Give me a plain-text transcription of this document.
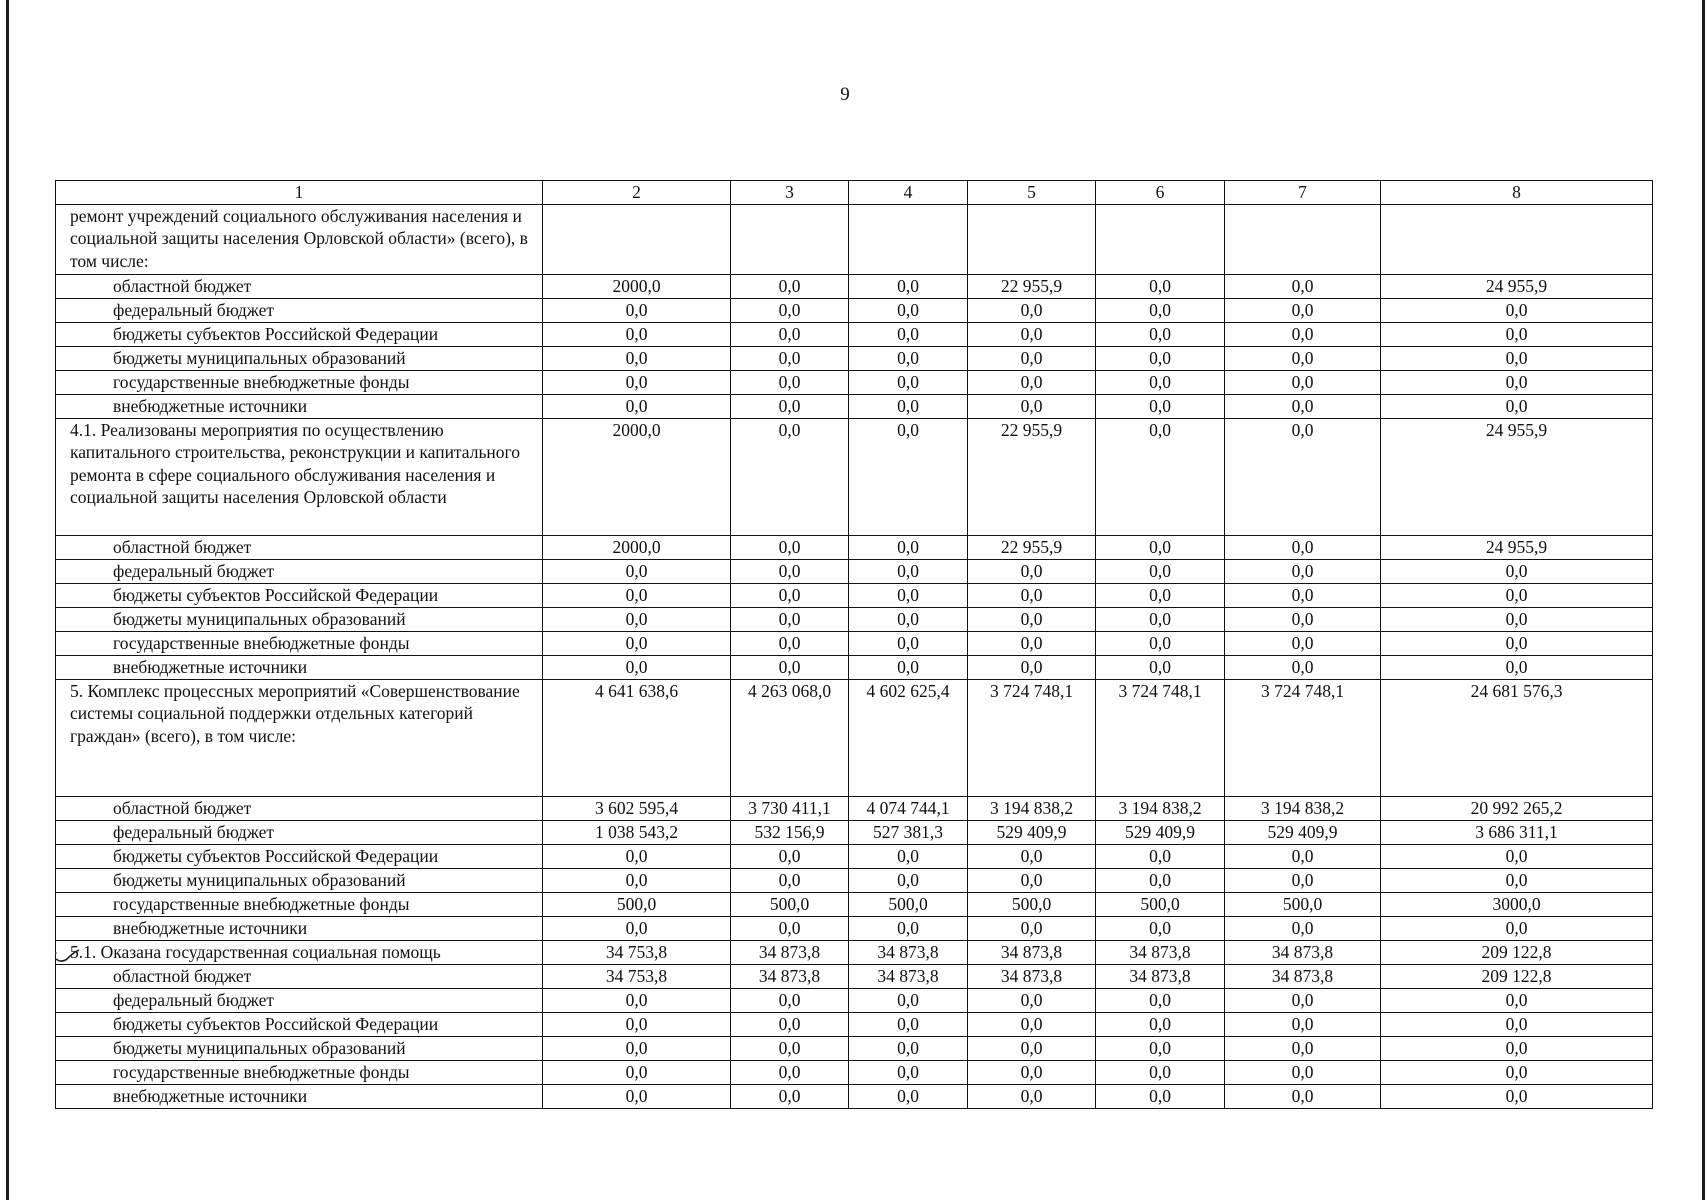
9
1	2	3	4	5	6	7	8
ремонт учреждений социального обслуживания населения и социальной защиты населения Орловской области» (всего), в том числе:							
областной бюджет	2000,0	0,0	0,0	22 955,9	0,0	0,0	24 955,9
федеральный бюджет	0,0	0,0	0,0	0,0	0,0	0,0	0,0
бюджеты субъектов Российской Федерации	0,0	0,0	0,0	0,0	0,0	0,0	0,0
бюджеты муниципальных образований	0,0	0,0	0,0	0,0	0,0	0,0	0,0
государственные внебюджетные фонды	0,0	0,0	0,0	0,0	0,0	0,0	0,0
внебюджетные источники	0,0	0,0	0,0	0,0	0,0	0,0	0,0
4.1. Реализованы мероприятия по осуществлению капитального строительства, реконструкции и капитального ремонта в сфере социального обслуживания населения и социальной защиты населения Орловской области	2000,0	0,0	0,0	22 955,9	0,0	0,0	24 955,9
областной бюджет	2000,0	0,0	0,0	22 955,9	0,0	0,0	24 955,9
федеральный бюджет	0,0	0,0	0,0	0,0	0,0	0,0	0,0
бюджеты субъектов Российской Федерации	0,0	0,0	0,0	0,0	0,0	0,0	0,0
бюджеты муниципальных образований	0,0	0,0	0,0	0,0	0,0	0,0	0,0
государственные внебюджетные фонды	0,0	0,0	0,0	0,0	0,0	0,0	0,0
внебюджетные источники	0,0	0,0	0,0	0,0	0,0	0,0	0,0
5. Комплекс процессных мероприятий «Совершенствование системы социальной поддержки отдельных категорий граждан» (всего), в том числе:	4 641 638,6	4 263 068,0	4 602 625,4	3 724 748,1	3 724 748,1	3 724 748,1	24 681 576,3
областной бюджет	3 602 595,4	3 730 411,1	4 074 744,1	3 194 838,2	3 194 838,2	3 194 838,2	20 992 265,2
федеральный бюджет	1 038 543,2	532 156,9	527 381,3	529 409,9	529 409,9	529 409,9	3 686 311,1
бюджеты субъектов Российской Федерации	0,0	0,0	0,0	0,0	0,0	0,0	0,0
бюджеты муниципальных образований	0,0	0,0	0,0	0,0	0,0	0,0	0,0
государственные внебюджетные фонды	500,0	500,0	500,0	500,0	500,0	500,0	3000,0
внебюджетные источники	0,0	0,0	0,0	0,0	0,0	0,0	0,0
5.1. Оказана государственная социальная помощь	34 753,8	34 873,8	34 873,8	34 873,8	34 873,8	34 873,8	209 122,8
областной бюджет	34 753,8	34 873,8	34 873,8	34 873,8	34 873,8	34 873,8	209 122,8
федеральный бюджет	0,0	0,0	0,0	0,0	0,0	0,0	0,0
бюджеты субъектов Российской Федерации	0,0	0,0	0,0	0,0	0,0	0,0	0,0
бюджеты муниципальных образований	0,0	0,0	0,0	0,0	0,0	0,0	0,0
государственные внебюджетные фонды	0,0	0,0	0,0	0,0	0,0	0,0	0,0
внебюджетные источники	0,0	0,0	0,0	0,0	0,0	0,0	0,0
